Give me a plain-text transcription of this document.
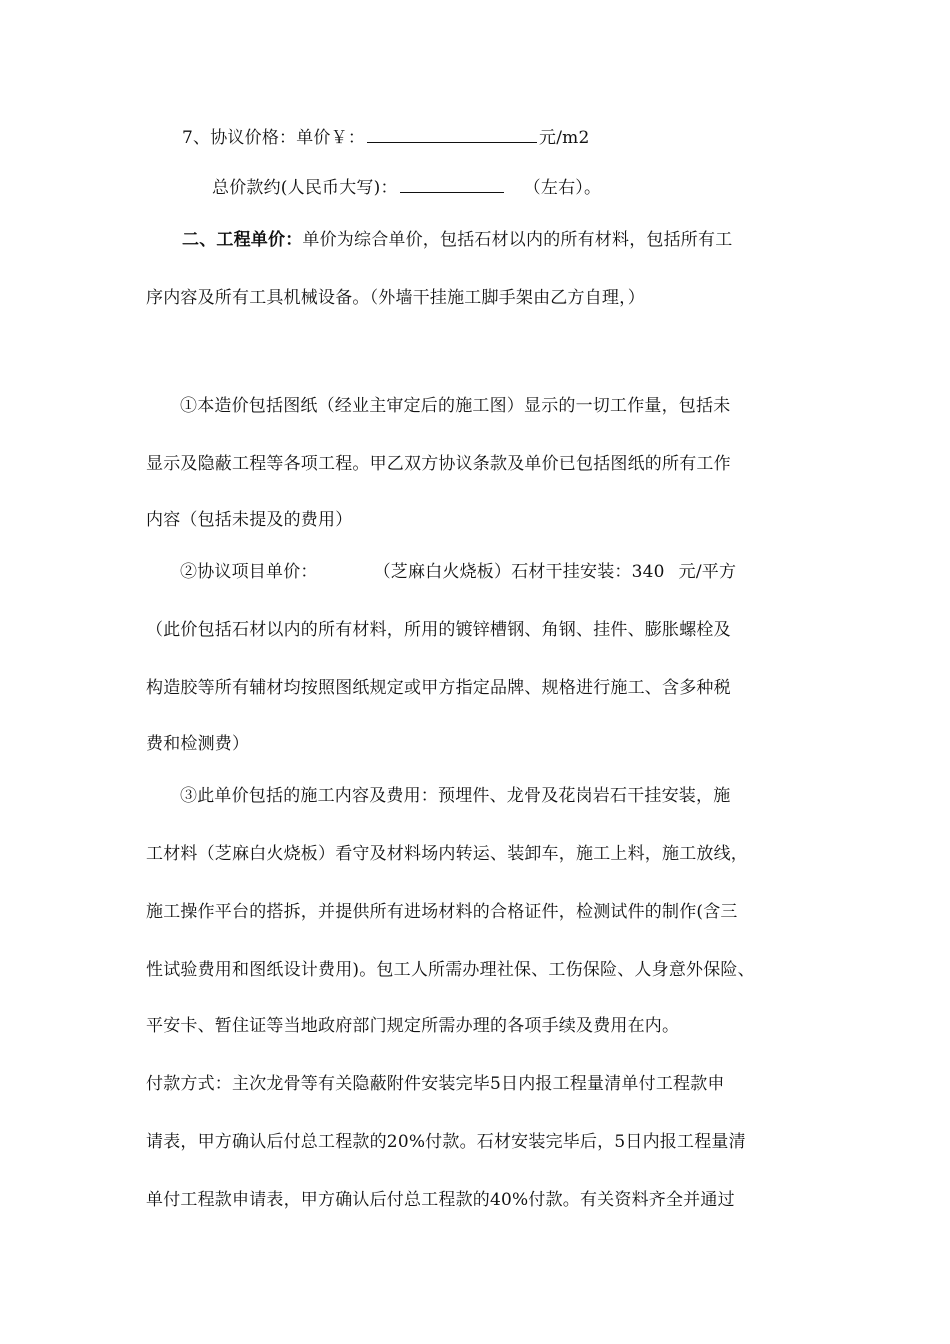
7、协议价格：单价￥：	元/m2
总价款约(人民币大写)：	（左右）。
二、工程单价：单价为综合单价，包括石材以内的所有材料，包括所有工
序内容及所有工具机械设备。（外墙干挂施工脚手架由乙方自理，）
①本造价包括图纸（经业主审定后的施工图）显示的一切工作量，包括未
显示及隐蔽工程等各项工程。甲乙双方协议条款及单价已包括图纸的所有工作
内容（包括未提及的费用）
②协议项目单价：	（芝麻白火烧板）石材干挂安装：340 元/平方
（此价包括石材以内的所有材料，所用的镀锌槽钢、角钢、挂件、膨胀螺栓及
构造胶等所有辅材均按照图纸规定或甲方指定品牌、规格进行施工、含多种税
费和检测费）
③此单价包括的施工内容及费用：预埋件、龙骨及花岗岩石干挂安装，施
工材料（芝麻白火烧板）看守及材料场内转运、装卸车，施工上料，施工放线，
施工操作平台的搭拆，并提供所有进场材料的合格证件，检测试件的制作(含三
性试验费用和图纸设计费用)。包工人所需办理社保、工伤保险、人身意外保险、
平安卡、暂住证等当地政府部门规定所需办理的各项手续及费用在内。
付款方式：主次龙骨等有关隐蔽附件安装完毕5日内报工程量清单付工程款申
请表，甲方确认后付总工程款的20%付款。石材安装完毕后，5日内报工程量清
单付工程款申请表，甲方确认后付总工程款的40%付款。有关资料齐全并通过
